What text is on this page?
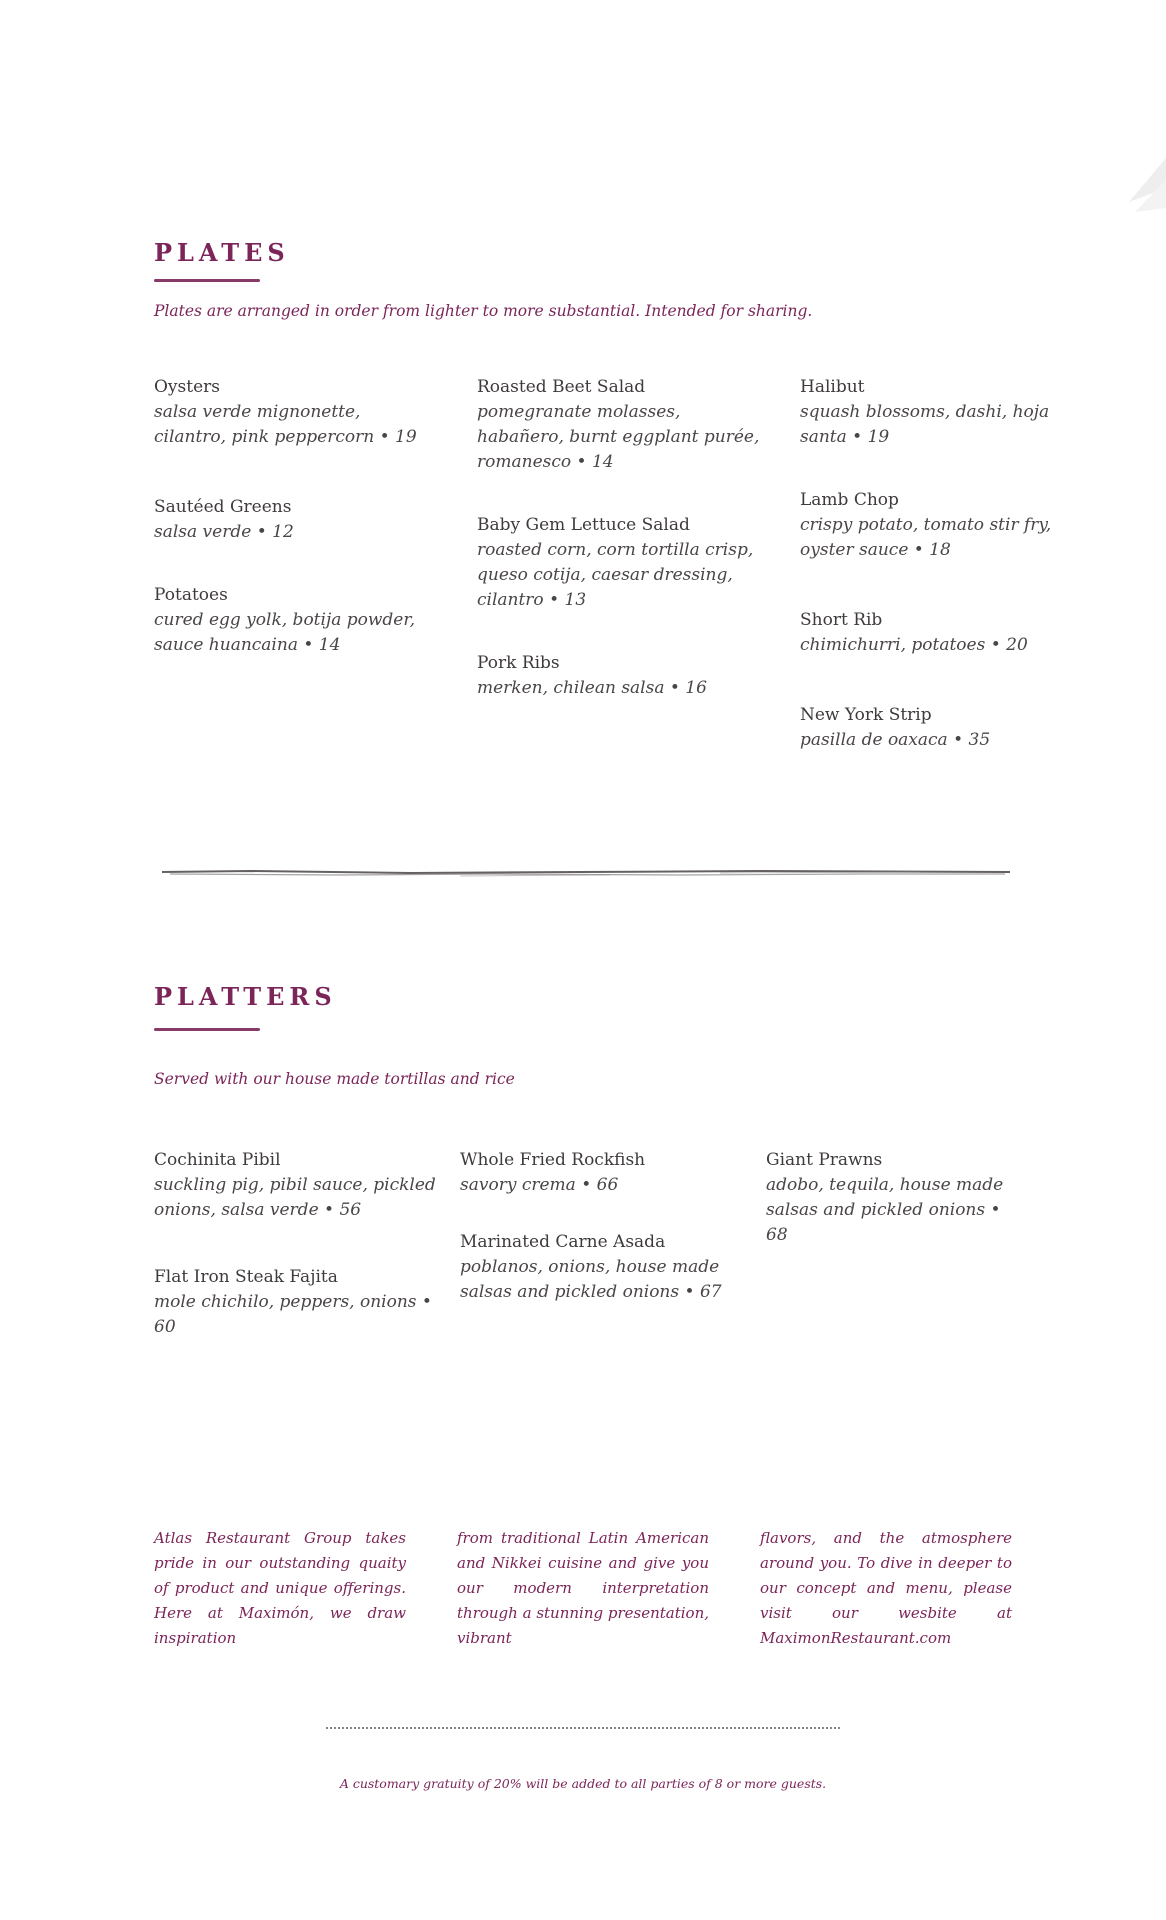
PLATES
Plates are arranged in order from lighter to more substantial. Intended for sharing.
Oysters
salsa verde mignonette, cilantro, pink peppercorn • 19
Sautéed Greens
salsa verde • 12
Potatoes
cured egg yolk, botija powder, sauce huancaina • 14
Roasted Beet Salad
pomegranate molasses, habañero, burnt eggplant purée, romanesco • 14
Baby Gem Lettuce Salad
roasted corn, corn tortilla crisp, queso cotija, caesar dressing, cilantro • 13
Pork Ribs
merken, chilean salsa • 16
Halibut
squash blossoms, dashi, hoja santa • 19
Lamb Chop
crispy potato, tomato stir fry, oyster sauce • 18
Short Rib
chimichurri, potatoes • 20
New York Strip
pasilla de oaxaca • 35
PLATTERS
Served with our house made tortillas and rice
Cochinita Pibil
suckling pig, pibil sauce, pickled onions, salsa verde • 56
Flat Iron Steak Fajita
mole chichilo, peppers, onions • 60
Whole Fried Rockfish
savory crema • 66
Marinated Carne Asada
poblanos, onions, house made salsas and pickled onions • 67
Giant Prawns
adobo, tequila, house made salsas and pickled onions • 68
Atlas Restaurant Group takes pride in our outstanding quaity of product and unique offerings. Here at Maximón, we draw inspiration
from traditional Latin American and Nikkei cuisine and give you our modern interpretation through a stunning presentation, vibrant
flavors, and the atmosphere around you. To dive in deeper to our concept and menu, please visit our wesbite at MaximonRestaurant.com
A customary gratuity of 20% will be added to all parties of 8 or more guests.
